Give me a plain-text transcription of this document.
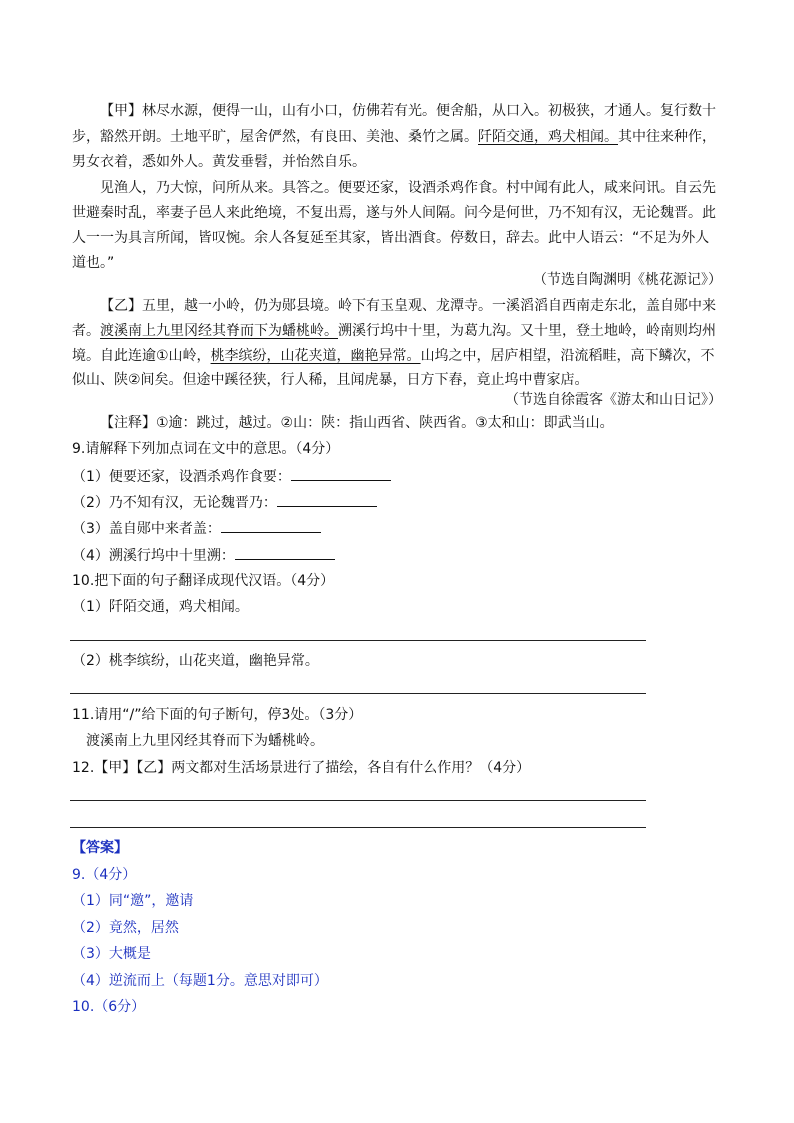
【甲】林尽水源，便得一山，山有小口，仿佛若有光。便舍船，从口入。初极狭，才通人。复行数十
步，豁然开朗。土地平旷，屋舍俨然，有良田、美池、桑竹之属。阡陌交通，鸡犬相闻。其中往来种作，
男女衣着，悉如外人。黄发垂髫，并怡然自乐。
见渔人，乃大惊，问所从来。具答之。便要还家，设酒杀鸡作食。村中闻有此人，咸来问讯。自云先
世避秦时乱，率妻子邑人来此绝境，不复出焉，遂与外人间隔。问今是何世，乃不知有汉，无论魏晋。此
人一一为具言所闻，皆叹惋。余人各复延至其家，皆出酒食。停数日，辞去。此中人语云：“不足为外人
道也。”
（节选自陶渊明《桃花源记》）
【乙】五里，越一小岭，仍为郧县境。岭下有玉皇观、龙潭寺。一溪滔滔自西南走东北，盖自郧中来
者。渡溪南上九里冈经其脊而下为蟠桃岭。溯溪行坞中十里，为葛九沟。又十里，登土地岭，岭南则均州
境。自此连逾①山岭，桃李缤纷，山花夹道，幽艳异常。山坞之中，居庐相望，沿流稻畦，高下鳞次，不
似山、陕②间矣。但途中蹊径狭，行人稀，且闻虎暴，日方下舂，竟止坞中曹家店。
（节选自徐霞客《游太和山日记》）
【注释】①逾：跳过，越过。②山：陕：指山西省、陕西省。③太和山：即武当山。
9.请解释下列加点词在文中的意思。（4分）
（1）便要还家，设酒杀鸡作食要：
（2）乃不知有汉，无论魏晋乃：
（3）盖自郧中来者盖：
（4）溯溪行坞中十里溯：
10.把下面的句子翻译成现代汉语。（4分）
（1）阡陌交通，鸡犬相闻。
（2）桃李缤纷，山花夹道，幽艳异常。
11.请用“/”给下面的句子断句，停3处。（3分）
渡溪南上九里冈经其脊而下为蟠桃岭。
12.【甲】【乙】两文都对生活场景进行了描绘，各自有什么作用？（4分）
【答案】
9.（4分）
（1）同“邀”，邀请
（2）竟然，居然
（3）大概是
（4）逆流而上（每题1分。意思对即可）
10.（6分）
